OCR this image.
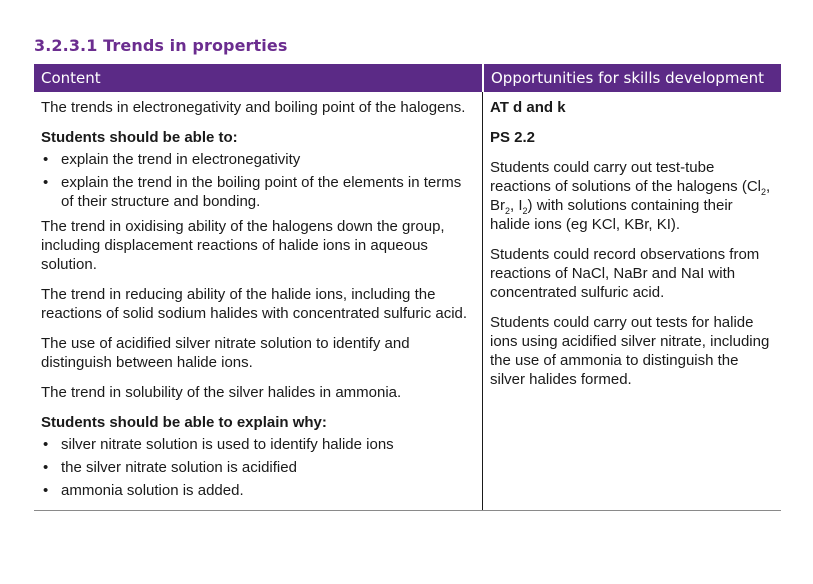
3.2.3.1 Trends in properties
Content	Opportunities for skills development

The trends in electronegativity and boiling point of the halogens.

Students should be able to:

• explain the trend in electronegativity
• explain the trend in the boiling point of the elements in terms of their structure and bonding.

The trend in oxidising ability of the halogens down the group, including displacement reactions of halide ions in aqueous solution.

The trend in reducing ability of the halide ions, including the reactions of solid sodium halides with concentrated sulfuric acid.

The use of acidified silver nitrate solution to identify and distinguish between halide ions.

The trend in solubility of the silver halides in ammonia.

Students should be able to explain why:

• silver nitrate solution is used to identify halide ions
• the silver nitrate solution is acidified
• ammonia solution is added.

AT d and k

PS 2.2

Students could carry out test-tube reactions of solutions of the halogens ($Cl_2$, $Br_2$, $I_2$) with solutions containing their halide ions (eg KCl, KBr, KI).

Students could record observations from reactions of NaCl, NaBr and NaI with concentrated sulfuric acid.

Students could carry out tests for halide ions using acidified silver nitrate, including the use of ammonia to distinguish the silver halides formed.
